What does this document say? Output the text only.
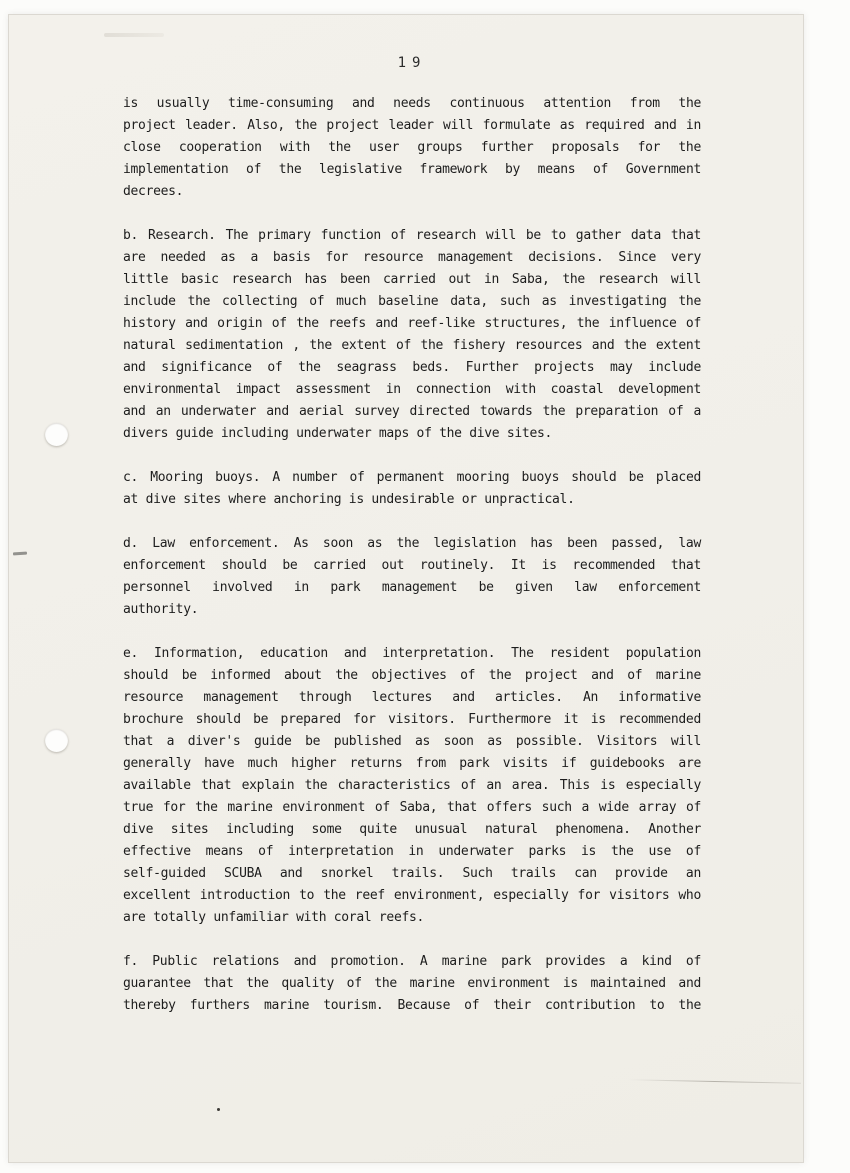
19
is usually time-consuming and needs continuous attention from the
project leader. Also, the project leader will formulate as required and in
close cooperation with the user groups further proposals for the
implementation of the legislative framework by means of Government
decrees.
b. Research. The primary function of research will be to gather data that
are needed as a basis for resource management decisions. Since very
little basic research has been carried out in Saba, the research will
include the collecting of much baseline data, such as investigating the
history and origin of the reefs and reef-like structures, the influence of
natural sedimentation , the extent of the fishery resources and the extent
and significance of the seagrass beds. Further projects may include
environmental impact assessment in connection with coastal development
and an underwater and aerial survey directed towards the preparation of a
divers guide including underwater maps of the dive sites.
c. Mooring buoys. A number of permanent mooring buoys should be placed
at dive sites where anchoring is undesirable or unpractical.
d. Law enforcement. As soon as the legislation has been passed, law
enforcement should be carried out routinely. It is recommended that
personnel involved in park management be given law enforcement
authority.
e. Information, education and interpretation. The resident population
should be informed about the objectives of the project and of marine
resource management through lectures and articles. An informative
brochure should be prepared for visitors. Furthermore it is recommended
that a diver's guide be published as soon as possible. Visitors will
generally have much higher returns from park visits if guidebooks are
available that explain the characteristics of an area. This is especially
true for the marine environment of Saba, that offers such a wide array of
dive sites including some quite unusual natural phenomena. Another
effective means of interpretation in underwater parks is the use of
self-guided SCUBA and snorkel trails. Such trails can provide an
excellent introduction to the reef environment, especially for visitors who
are totally unfamiliar with coral reefs.
f. Public relations and promotion. A marine park provides a kind of
guarantee that the quality of the marine environment is maintained and
thereby furthers marine tourism. Because of their contribution to the
